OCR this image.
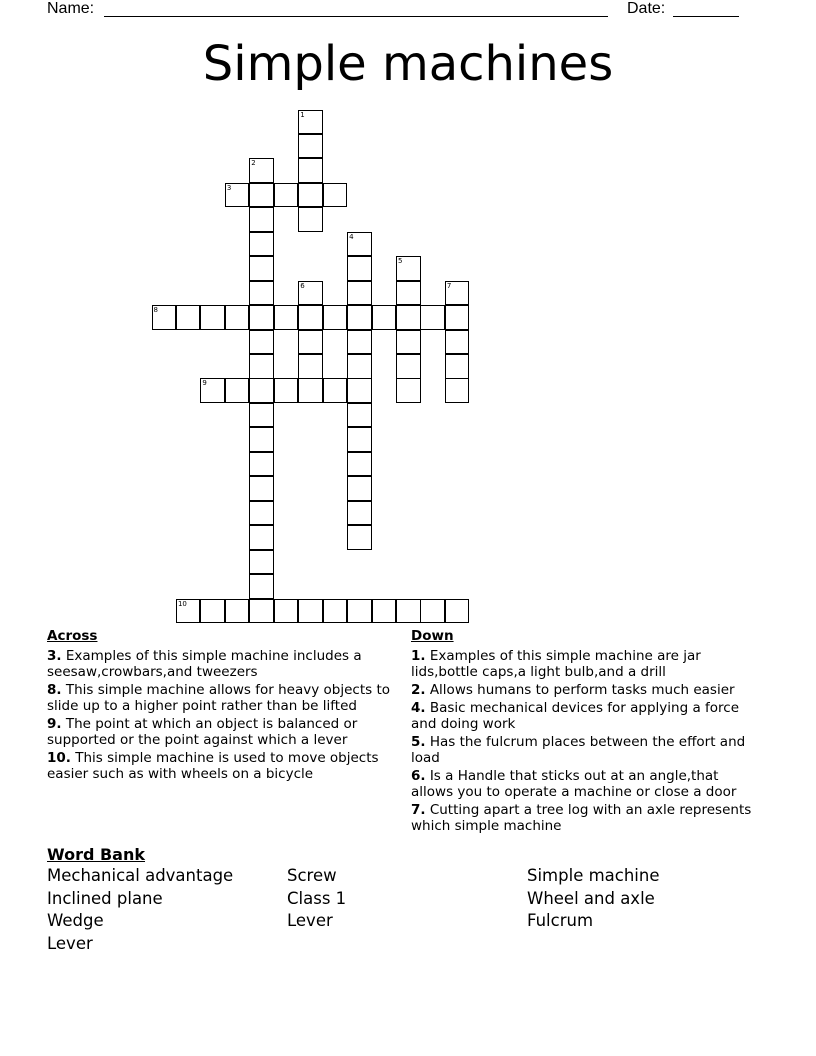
Name:	Date:
Simple machines
1
2
3
4
5
6	7
8
9
10
Across
3. Examples of this simple machine includes a seesaw,crowbars,and tweezers
8. This simple machine allows for heavy objects to slide up to a higher point rather than be lifted
9. The point at which an object is balanced or supported or the point against which a lever
10. This simple machine is used to move objects easier such as with wheels on a bicycle
Down
1. Examples of this simple machine are jar lids,bottle caps,a light bulb,and a drill
2. Allows humans to perform tasks much easier
4. Basic mechanical devices for applying a force and doing work
5. Has the fulcrum places between the effort and load
6. Is a Handle that sticks out at an angle,that allows you to operate a machine or close a door
7. Cutting apart a tree log with an axle represents which simple machine
Word Bank
Mechanical advantage	Screw	Simple machine
Inclined plane	Class 1	Wheel and axle
Wedge	Lever	Fulcrum
Lever
